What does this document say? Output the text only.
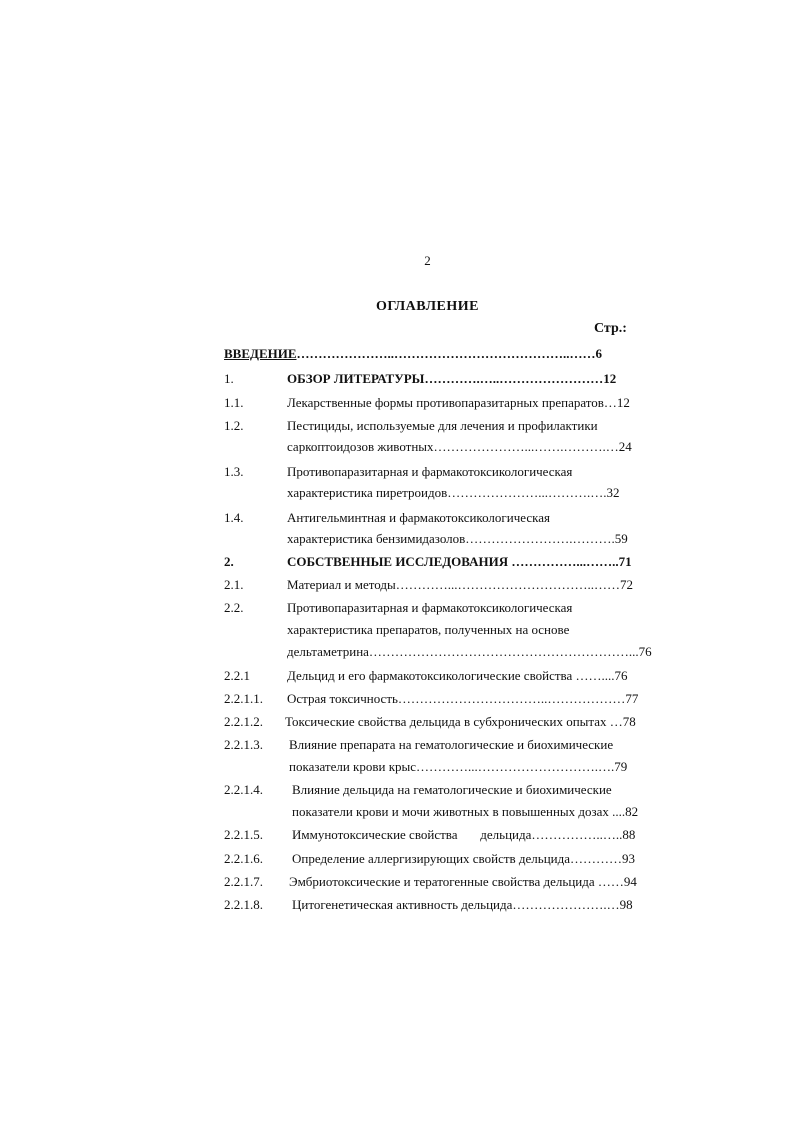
2
ОГЛАВЛЕНИЕ
Стр.:
ВВЕДЕНИЕ…………………..…………………………………..……6
1.	ОБЗОР ЛИТЕРАТУРЫ………….…..……………………12
1.1.	Лекарственные формы противопаразитарных препаратов…12
1.2.	Пестициды, используемые для лечения и профилактики
саркоптоидозов животных…………………...…….……….…24
1.3.	Противопаразитарная и фармакотоксикологическая
характеристика пиретроидов…………………...……….….32
1.4.	Антигельминтная и фармакотоксикологическая
характеристика бензимидазолов…………………….……….59
2.	СОБСТВЕННЫЕ ИССЛЕДОВАНИЯ ……………...……..71
2.1.	Материал и методы…………...…………………………..……72
2.2.	Противопаразитарная и фармакотоксикологическая
характеристика препаратов, полученных на основе
дельтаметрина……………………………………………………...76
2.2.1	Дельцид и его фармакотоксикологические свойства ……....76
2.2.1.1. Острая токсичность……………………………..………………77
2.2.1.2. Токсические свойства дельцида в субхронических опытах …78
2.2.1.3. Влияние препарата на гематологические и биохимические
показатели крови крыс…………...……………………….….79
2.2.1.4. Влияние дельцида на гематологические и биохимические
показатели крови и мочи животных в повышенных дозах ....82
2.2.1.5. Иммунотоксические свойства       дельцида……………..…..88
2.2.1.6. Определение аллергизирующих свойств дельцида…………93
2.2.1.7. Эмбриотоксические и тератогенные свойства дельцида ……94
2.2.1.8. Цитогенетическая активность дельцида………………….…98
